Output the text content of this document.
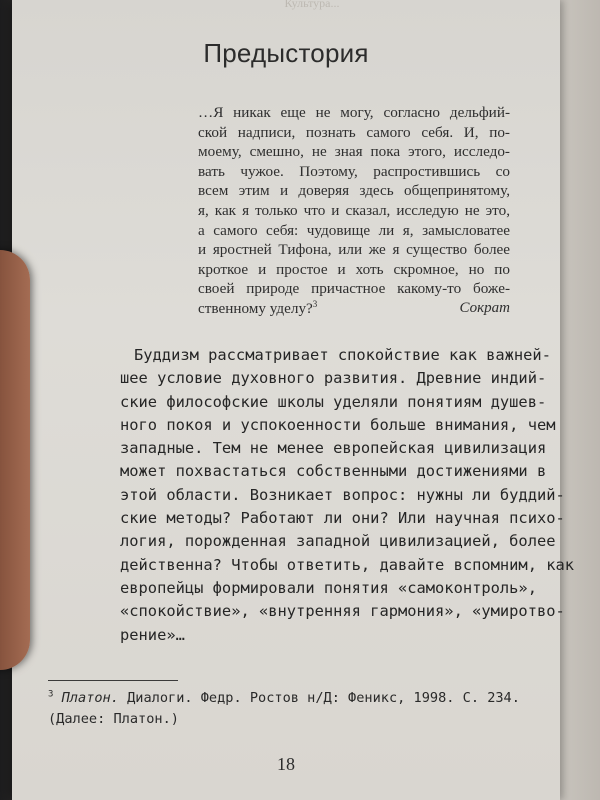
Культура...
Предыстория
…Я никак еще не могу, согласно дельфий-
ской надписи, познать самого себя. И, по-
моему, смешно, не зная пока этого, исследо-
вать чужое. Поэтому, распростившись со
всем этим и доверяя здесь общепринятому,
я, как я только что и сказал, исследую не это,
а самого себя: чудовище ли я, замысловатее
и яростней Тифона, или же я существо более
кроткое и простое и хоть скромное, но по
своей природе причастное какому-то боже-
ственному уделу?$^3$	Сократ
Буддизм рассматривает спокойствие как важней-
шее условие духовного развития. Древние индий-
ские философские школы уделяли понятиям душев-
ного покоя и успокоенности больше внимания, чем
западные. Тем не менее европейская цивилизация
может похвастаться собственными достижениями в
этой области. Возникает вопрос: нужны ли буддий-
ские методы? Работают ли они? Или научная психо-
логия, порожденная западной цивилизацией, более
действенна? Чтобы ответить, давайте вспомним, как
европейцы формировали понятия «самоконтроль»,
«спокойствие», «внутренняя гармония», «умиротво-
рение»…
$^3$ Платон. Диалоги. Федр. Ростов н/Д: Феникс, 1998. С. 234.
(Далее: Платон.)
18
